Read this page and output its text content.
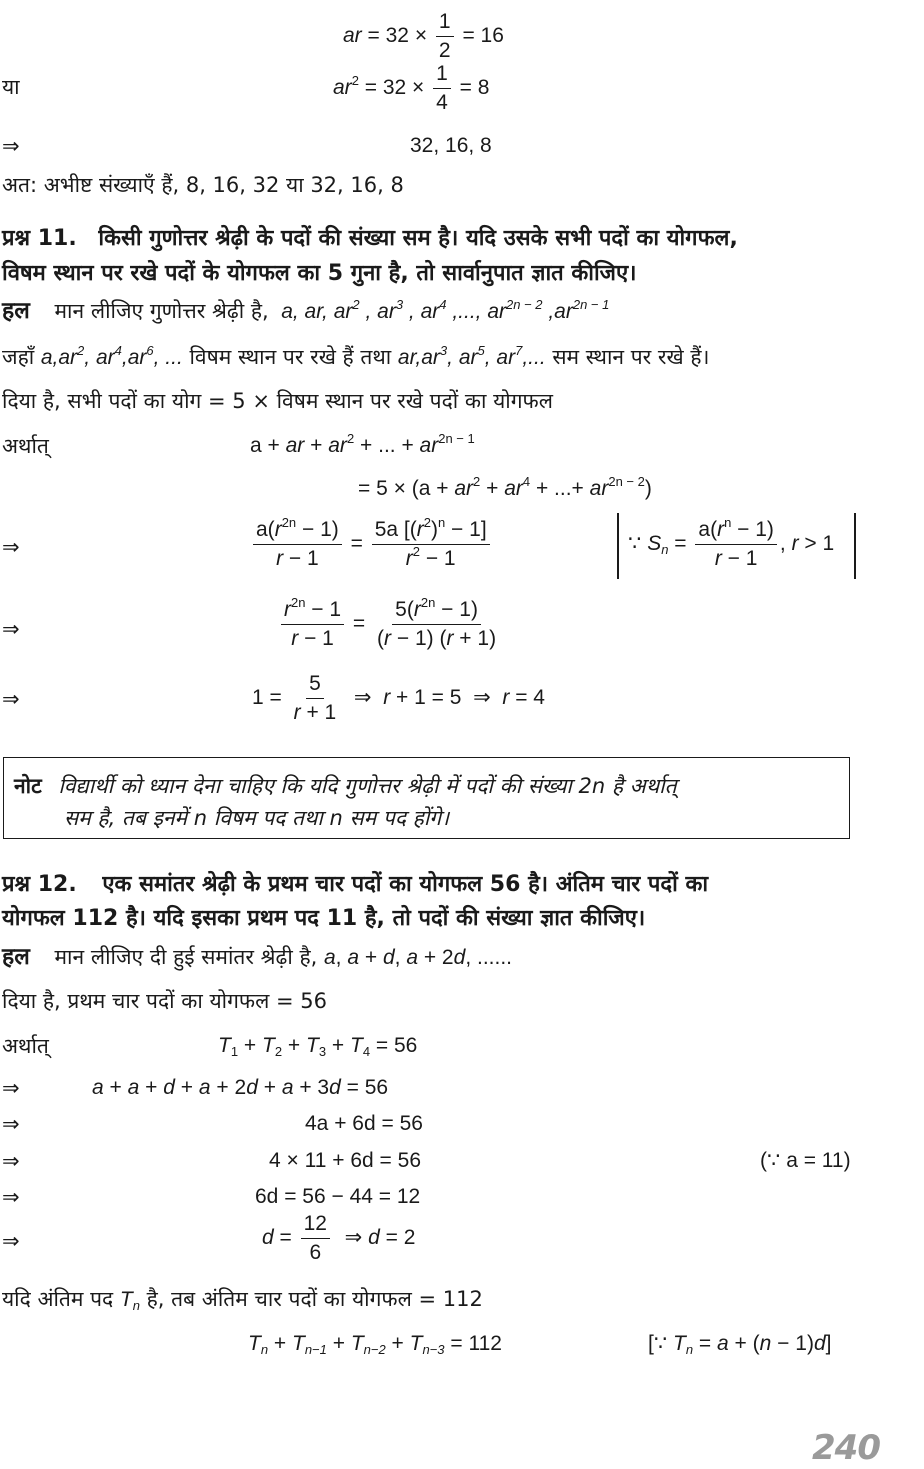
ar = $32 \times \frac{1}{2} = 16$
या	$ar^2 = 32 \times \frac{1}{4} = 8$
⇒	32, 16, 8
अत: अभीष्ट संख्याएँ हैं, 8, 16, 32 या 32, 16, 8
प्रश्न 11. किसी गुणोत्तर श्रेढ़ी के पदों की संख्या सम है। यदि उसके सभी पदों का योगफल,
विषम स्थान पर रखे पदों के योगफल का 5 गुना है, तो सार्वानुपात ज्ञात कीजिए।
हल मान लीजिए गुणोत्तर श्रेढ़ी है,  a, ar, $ar^2$ , $ar^3$ , $ar^4$ ,..., $ar^{2n - 2}$ $,ar^{2n - 1}$
जहाँ $a,ar^2$, $ar^4,ar^6$, ... विषम स्थान पर रखे हैं तथा $ar,ar^3$, $ar^5$, $ar^7$,... सम स्थान पर रखे हैं।
दिया है, सभी पदों का योग = 5 × विषम स्थान पर रखे पदों का योगफल
अर्थात्	a + ar + $ar^2$ + ... + $ar^{2n - 1}$
= $5 \times (a + ar^2 + ar^4$ + ...+ $ar^{2n - 2}$)
⇒	$\frac{a(r^{2n} - 1)}{r - 1} = \frac{5a [(r^2)^n - 1]}{r^2 - 1}$	∵ $S_n = \frac{a(r^n - 1)}{r - 1}$ , r > 1
⇒	$\frac{r^{2n} - 1}{r - 1} = \frac{5(r^{2n} - 1)}{(r - 1) (r + 1)}$
⇒	$1 = \frac{5}{r + 1}$ ⇒  r + 1 = 5  ⇒  r = 4
नोट विद्यार्थी को ध्यान देना चाहिए कि यदि गुणोत्तर श्रेढ़ी में पदों की संख्या 2n है अर्थात्
सम है, तब इनमें n विषम पद तथा n सम पद होंगे।
प्रश्न 12. एक समांतर श्रेढ़ी के प्रथम चार पदों का योगफल 56 है। अंतिम चार पदों का
योगफल 112 है। यदि इसका प्रथम पद 11 है, तो पदों की संख्या ज्ञात कीजिए।
हल मान लीजिए दी हुई समांतर श्रेढ़ी है, a, a + d, a + 2d, ......
दिया है, प्रथम चार पदों का योगफल = 56
अर्थात्	$T_1 + T_2 + T_3 + T_4 = 56$
⇒	a + a + d + a + 2d + a + 3d = 56
⇒	4a + 6d = 56
⇒	4 × 11 + 6d = 56	(∵ a = 11)
⇒	6d = 56 − 44 = 12
⇒	$d = \frac{12}{6}$ ⇒ d = 2
यदि अंतिम पद $T_n$ है, तब अंतिम चार पदों का योगफल = 112
$T_n + T_{n-1} + T_{n-2} + T_{n-3} = 112$	[∵ $T_n = a + (n - 1)d$]
240
